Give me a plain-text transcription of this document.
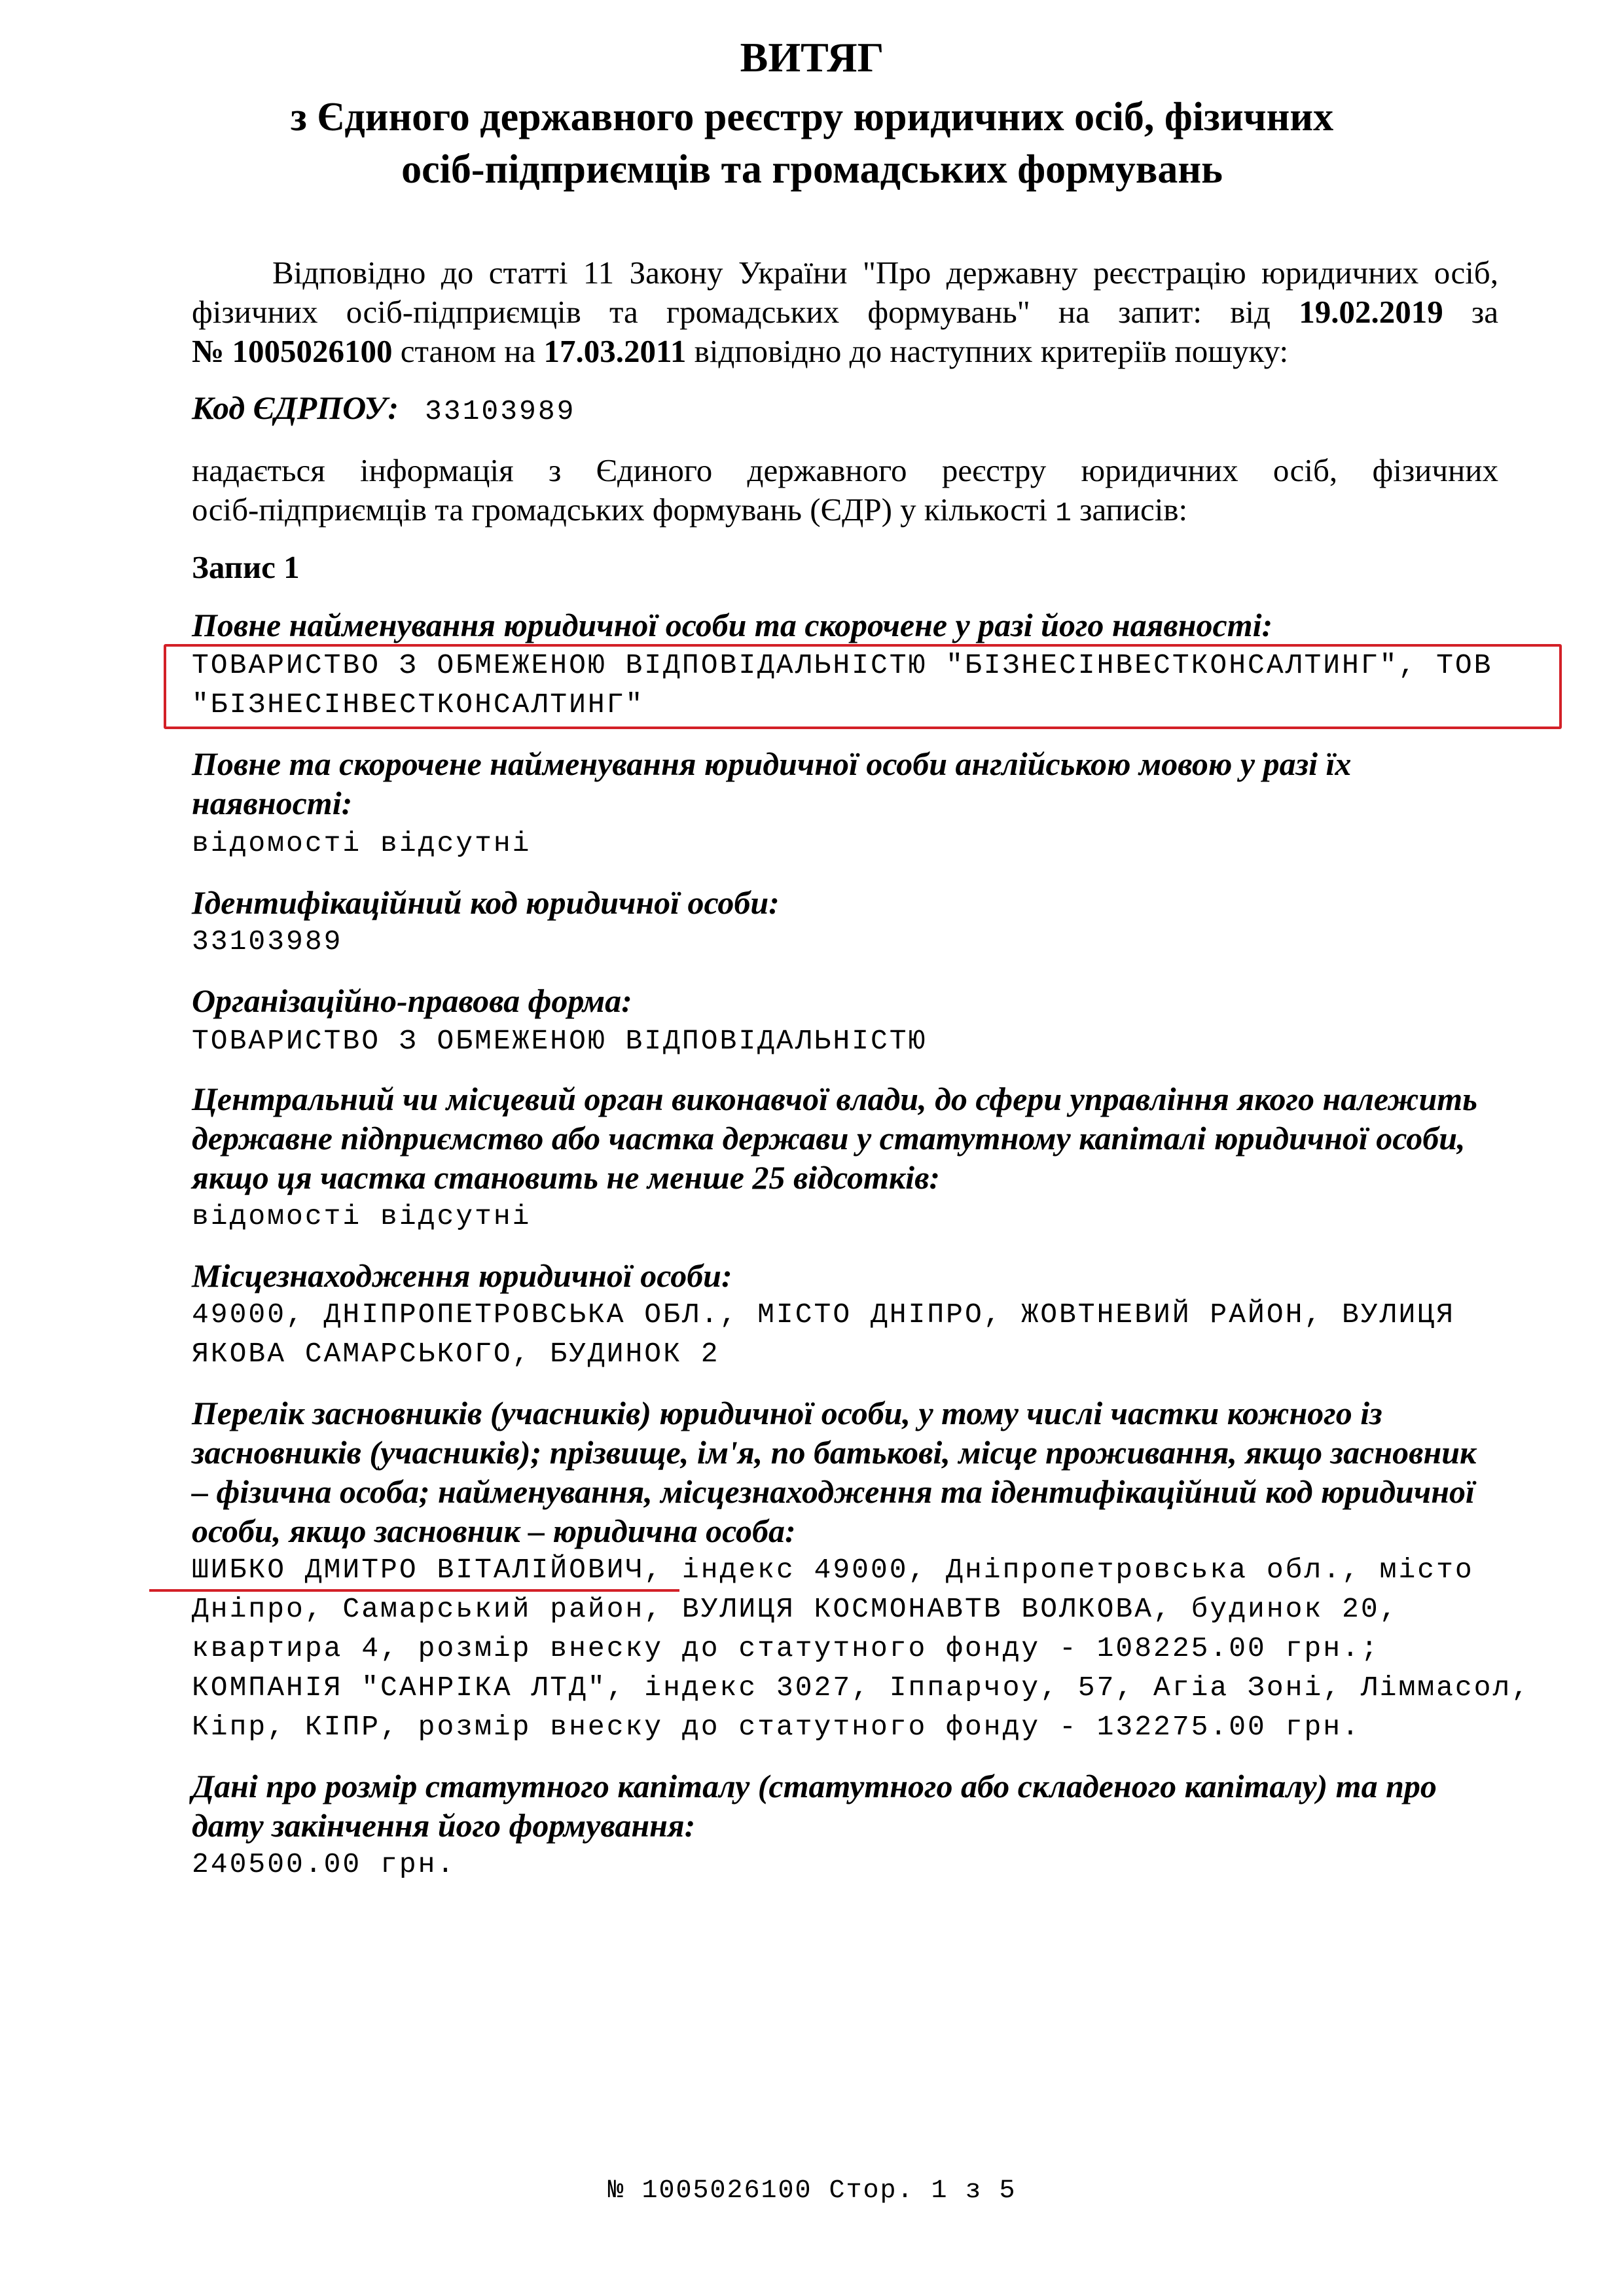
ВИТЯГ
з Єдиного державного реєстру юридичних осіб, фізичних
осіб-підприємців та громадських формувань
Відповідно до статті 11 Закону України "Про державну реєстрацію юридичних осіб,
фізичних осіб-підприємців та громадських формувань" на запит: від 19.02.2019 за
№ 1005026100 станом на 17.03.2011 відповідно до наступних критеріїв пошуку:
Код ЄДРПОУ: 33103989
надається інформація з Єдиного державного реєстру юридичних осіб, фізичних
осіб-підприємців та громадських формувань (ЄДР) у кількості 1 записів:
Запис 1
Повне найменування юридичної особи та скорочене у разі його наявності:
ТОВАРИСТВО З ОБМЕЖЕНОЮ ВІДПОВІДАЛЬНІСТЮ "БІЗНЕСІНВЕСТКОНСАЛТИНГ", ТОВ
"БІЗНЕСІНВЕСТКОНСАЛТИНГ"
Повне та скорочене найменування юридичної особи англійською мовою у разі їх
наявності:
відомості відсутні
Ідентифікаційний код юридичної особи:
33103989
Організаційно-правова форма:
ТОВАРИСТВО З ОБМЕЖЕНОЮ ВІДПОВІДАЛЬНІСТЮ
Центральний чи місцевий орган виконавчої влади, до сфери управління якого належить
державне підприємство або частка держави у статутному капіталі юридичної особи,
якщо ця частка становить не менше 25 відсотків:
відомості відсутні
Місцезнаходження юридичної особи:
49000, ДНІПРОПЕТРОВСЬКА ОБЛ., МІСТО ДНІПРО, ЖОВТНЕВИЙ РАЙОН, ВУЛИЦЯ
ЯКОВА САМАРСЬКОГО, БУДИНОК 2
Перелік засновників (учасників) юридичної особи, у тому числі частки кожного із
засновників (учасників); прізвище, ім'я, по батькові, місце проживання, якщо засновник
– фізична особа; найменування, місцезнаходження та ідентифікаційний код юридичної
особи, якщо засновник – юридична особа:
ШИБКО ДМИТРО ВІТАЛІЙОВИЧ, індекс 49000, Дніпропетровська обл., місто
Дніпро, Самарський район, ВУЛИЦЯ КОСМОНАВТВ ВОЛКОВА, будинок 20,
квартира 4, розмір внеску до статутного фонду - 108225.00 грн.;
КОМПАНІЯ "САНРІКА ЛТД", індекс 3027, Іппарчоу, 57, Агіа Зоні, Ліммасол,
Кіпр, КІПР, розмір внеску до статутного фонду - 132275.00 грн.
Дані про розмір статутного капіталу (статутного або складеного капіталу) та про
дату закінчення його формування:
240500.00 грн.
№ 1005026100 Стор. 1 з 5
